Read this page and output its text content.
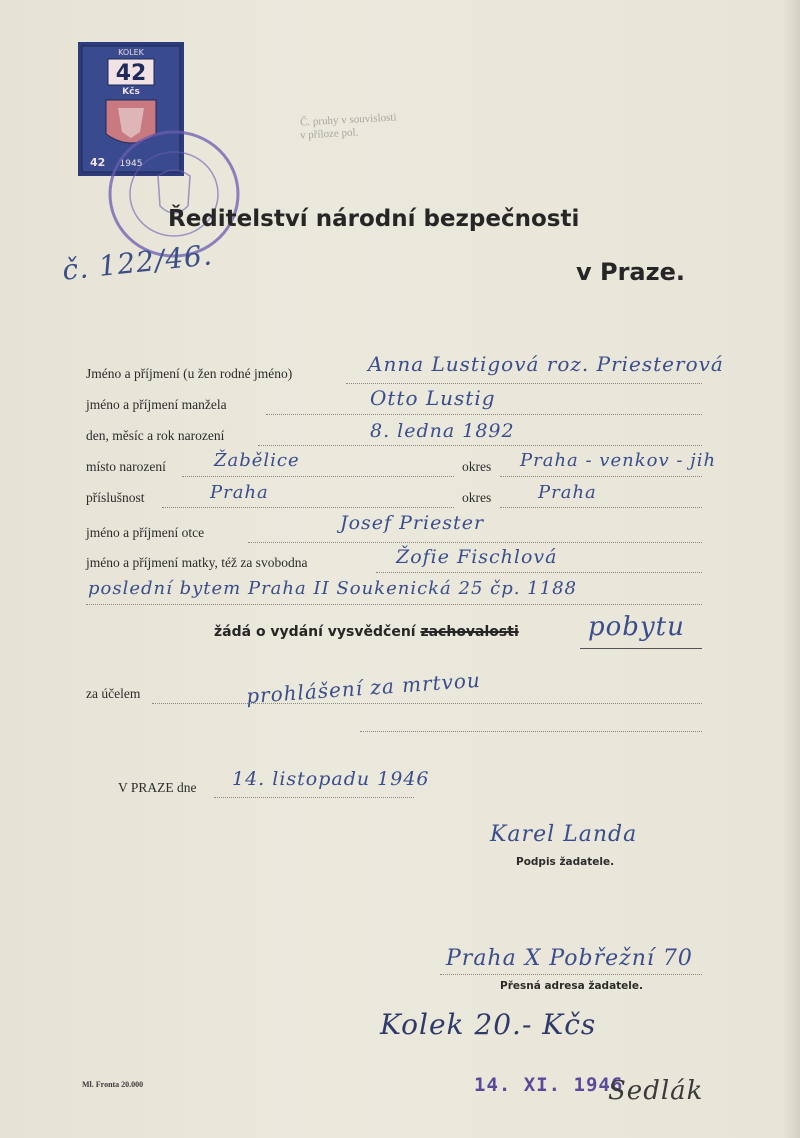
KOLEK
42
Kčs
42 1945
Č. pruhy v souvislosti
v příloze pol.
č. 122/46.
Ředitelství národní bezpečnosti
v Praze.
Jméno a příjmení (u žen rodné jméno)	Anna Lustigová roz. Priesterová
jméno a příjmení manžela	Otto Lustig
den, měsíc a rok narození	8. ledna 1892
místo narození	Žabělice	okres Praha - venkov - jih
příslušnost	Praha	okres	Praha
jméno a příjmení otce	Josef Priester
jméno a příjmení matky, též za svobodna	Žofie Fischlová
poslední bytem Praha II Soukenická 25 čp. 1188
žádá o vydání vysvědčení zachovalosti	pobytu
za účelem	prohlášení za mrtvou
V PRAZE dne 14. listopadu 1946
Karel Landa
Podpis žadatele.
Praha X Pobřežní 70
Přesná adresa žadatele.
Kolek 20.- Kčs
Ml. Fronta 20.000	14. XI. 1946
Sedlák
